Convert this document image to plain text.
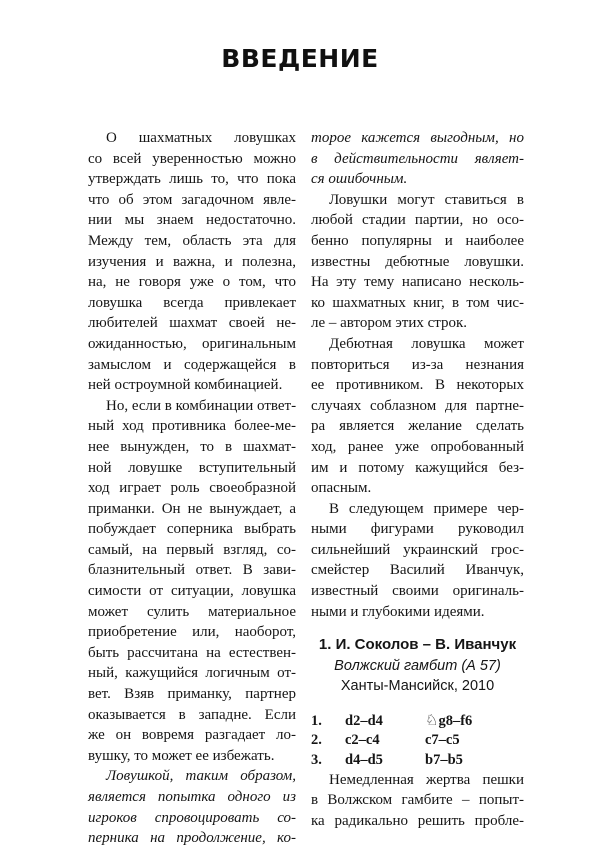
ВВЕДЕНИЕ
О шахматных ловушках
со всей уверенностью можно
утверждать лишь то, что пока
что об этом загадочном явле-
нии мы знаем недостаточно.
Между тем, область эта для
изучения и важна, и полезна,
на, не говоря уже о том, что
ловушка всегда привлекает
любителей шахмат своей не-
ожиданностью, оригинальным
замыслом и содержащейся в
ней остроумной комбинацией.
Но, если в комбинации ответ-
ный ход противника более-ме-
нее вынужден, то в шахмат-
ной ловушке вступительный
ход играет роль своеобразной
приманки. Он не вынуждает, а
побуждает соперника выбрать
самый, на первый взгляд, со-
блазнительный ответ. В зави-
симости от ситуации, ловушка
может сулить материальное
приобретение или, наоборот,
быть рассчитана на естествен-
ный, кажущийся логичным от-
вет. Взяв приманку, партнер
оказывается в западне. Если
же он вовремя разгадает ло-
вушку, то может ее избежать.
Ловушкой, таким образом,
является попытка одного из
игроков спровоцировать со-
перника на продолжение, ко-
торое кажется выгодным, но
в действительности являет-
ся ошибочным.
Ловушки могут ставиться в
любой стадии партии, но осо-
бенно популярны и наиболее
известны дебютные ловушки.
На эту тему написано несколь-
ко шахматных книг, в том чис-
ле – автором этих строк.
Дебютная ловушка может
повториться из-за незнания
ее противником. В некоторых
случаях соблазном для партне-
ра является желание сделать
ход, ранее уже опробованный
им и потому кажущийся без-
опасным.
В следующем примере чер-
ными фигурами руководил
сильнейший украинский грос-
смейстер Василий Иванчук,
известный своими оригиналь-
ными и глубокими идеями.
1. И. Соколов – В. Иванчук
Волжский гамбит (А 57)
Ханты-Мансийск, 2010
1.	d2–d4	♘g8–f6
2.	c2–c4	c7–c5
3.	d4–d5	b7–b5
Немедленная жертва пешки
в Волжском гамбите – попыт-
ка радикально решить пробле-
